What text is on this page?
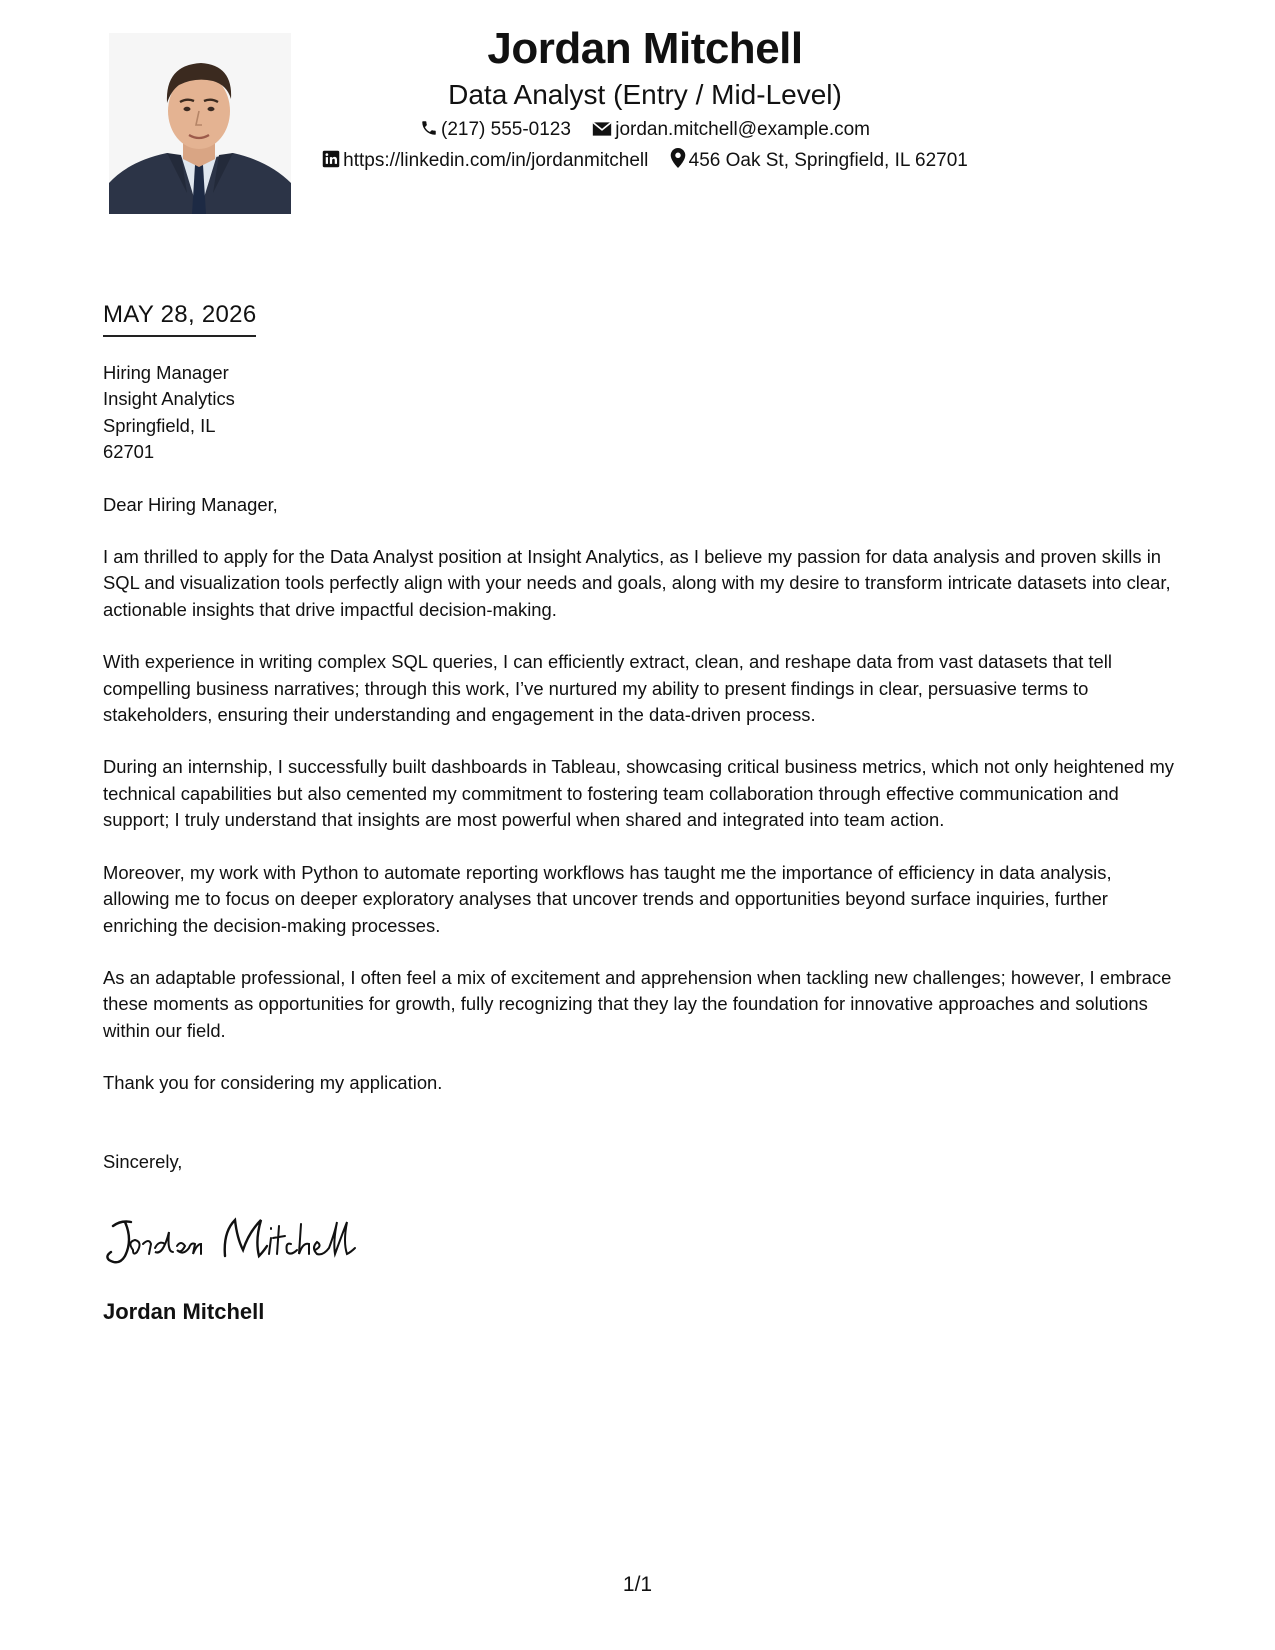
Jordan Mitchell
Data Analyst (Entry / Mid-Level)
(217) 555-0123 jordan.mitchell@example.com
https://linkedin.com/in/jordanmitchell 456 Oak St, Springfield, IL 62701
MAY 28, 2026

Hiring Manager

Insight Analytics

Springfield, IL

62701

Dear Hiring Manager,

I am thrilled to apply for the Data Analyst position at Insight Analytics, as I believe my passion for data analysis and proven skills in SQL and visualization tools perfectly align with your needs and goals, along with my desire to transform intricate datasets into clear, actionable insights that drive impactful decision-making.

With experience in writing complex SQL queries, I can efficiently extract, clean, and reshape data from vast datasets that tell compelling business narratives; through this work, I’ve nurtured my ability to present findings in clear, persuasive terms to stakeholders, ensuring their understanding and engagement in the data-driven process.

During an internship, I successfully built dashboards in Tableau, showcasing critical business metrics, which not only heightened my technical capabilities but also cemented my commitment to fostering team collaboration through effective communication and support; I truly understand that insights are most powerful when shared and integrated into team action.

Moreover, my work with Python to automate reporting workflows has taught me the importance of efficiency in data analysis, allowing me to focus on deeper exploratory analyses that uncover trends and opportunities beyond surface inquiries, further enriching the decision-making processes.

As an adaptable professional, I often feel a mix of excitement and apprehension when tackling new challenges; however, I embrace these moments as opportunities for growth, fully recognizing that they lay the foundation for innovative approaches and solutions within our field.

Thank you for considering my application.

Sincerely,

Jordan Mitchell
1/1
